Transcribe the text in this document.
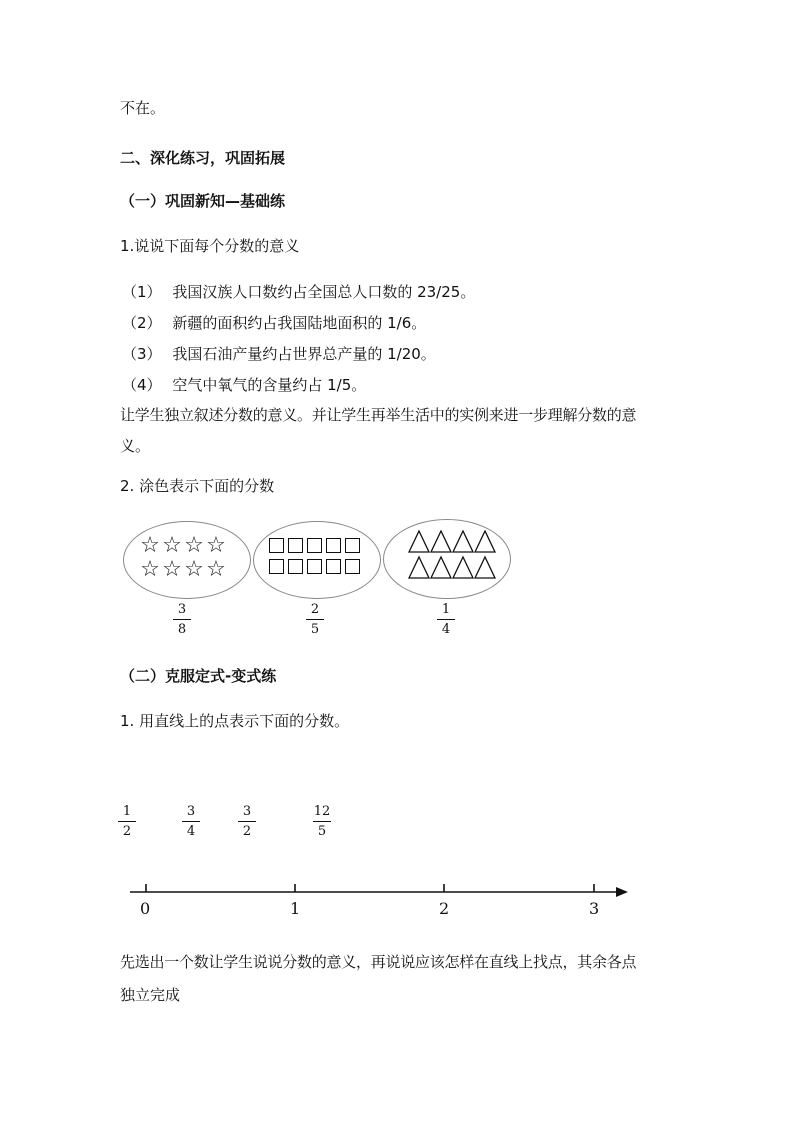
不在。
二、深化练习，巩固拓展
（一）巩固新知—基础练
1.说说下面每个分数的意义
（1） 我国汉族人口数约占全国总人口数的 23/25。
（2） 新疆的面积约占我国陆地面积的 1/6。
（3） 我国石油产量约占世界总产量的 1/20。
（4） 空气中氧气的含量约占 1/5。
让学生独立叙述分数的意义。并让学生再举生活中的实例来进一步理解分数的意
义。
2. 涂色表示下面的分数
☆ ☆ ☆ ☆
☆ ☆ ☆ ☆
3
8
2
5
1
4
（二）克服定式-变式练
1. 用直线上的点表示下面的分数。
1
2
3
4
3
2
12
5
0	1	2	3
先选出一个数让学生说说分数的意义，再说说应该怎样在直线上找点，其余各点
独立完成
